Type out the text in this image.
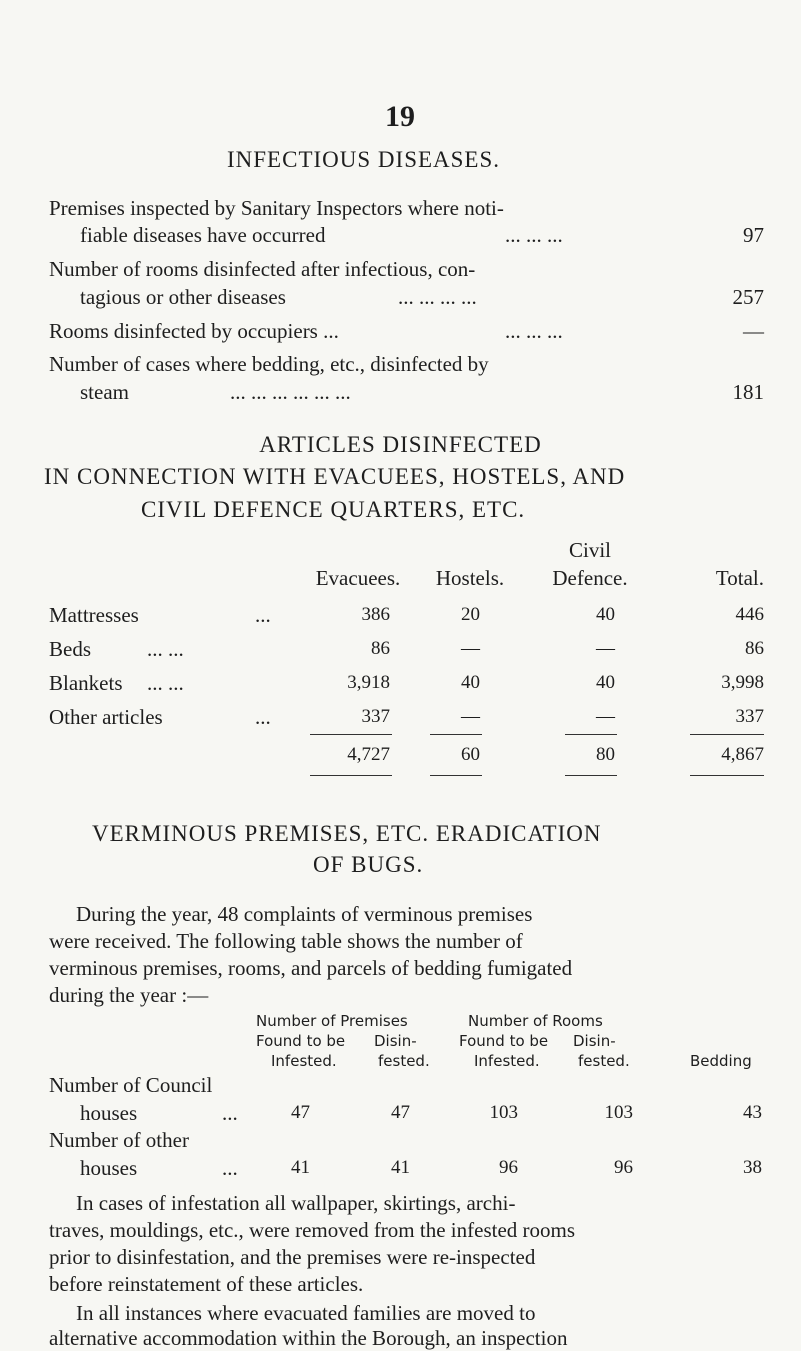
19
INFECTIOUS DISEASES.
Premises inspected by Sanitary Inspectors where noti-
fiable diseases have occurred	... ... ...	97
Number of rooms disinfected after infectious, con-
tagious or other diseases	... ... ... ...	257
Rooms disinfected by occupiers ...	... ... ...	—
Number of cases where bedding, etc., disinfected by
steam	... ... ... ... ... ...	181
ARTICLES DISINFECTED
IN CONNECTION WITH EVACUEES, HOSTELS, AND
CIVIL DEFENCE QUARTERS, ETC.
Evacuees.	Hostels.
Civil
Defence.	Total.
Mattresses	...	386	20	40	446
Beds	... ...	86	—	—	86
Blankets ... ...	3,918	40	40	3,998
Other articles	...	337	—	—	337
4,727	60	80	4,867
VERMINOUS PREMISES, ETC. ERADICATION
OF BUGS.
During the year, 48 complaints of verminous premises
were received. The following table shows the number of
verminous premises, rooms, and parcels of bedding fumigated
during the year :—
Number of Premises	Number of Rooms
Found to be Disin-	Found to be Disin-
Infested.	fested.	Infested.	fested.	Bedding
Number of Council
houses	...	47	47	103	103	43
Number of other
houses	...	41	41	96	96	38
In cases of infestation all wallpaper, skirtings, archi-
traves, mouldings, etc., were removed from the infested rooms
prior to disinfestation, and the premises were re-inspected
before reinstatement of these articles.
In all instances where evacuated families are moved to
alternative accommodation within the Borough, an inspection
